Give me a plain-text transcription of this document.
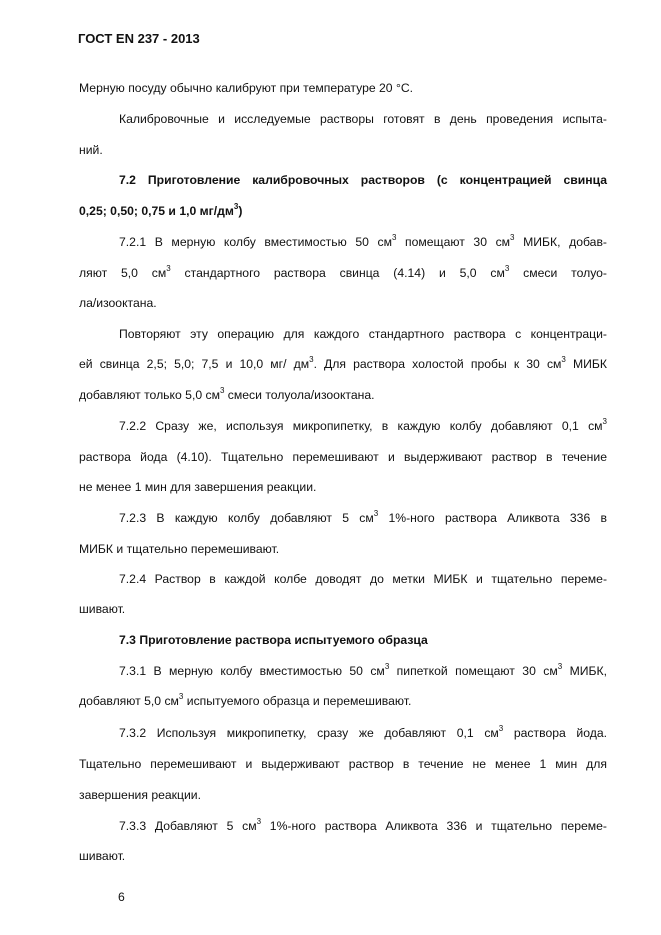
ГОСТ EN 237 - 2013
Мерную посуду обычно калибруют при температуре 20 °С.
Калибровочные и исследуемые растворы готовят в день проведения испыта-
ний.
7.2 Приготовление калибровочных растворов (с концентрацией свинца
0,25; 0,50; 0,75 и 1,0 $мг/дм^3$)
7.2.1 В мерную колбу вместимостью 50 $см^3$ помещают 30 $см^3$ МИБК, добав-
ляют 5,0 $см^3$ стандартного раствора свинца (4.14) и 5,0 $см^3$ смеси толуо-
ла/изооктана.
Повторяют эту операцию для каждого стандартного раствора с концентраци-
ей свинца 2,5; 5,0; 7,5 и 10,0 мг/ $дм^3$. Для раствора холостой пробы к 30 $см^3$ МИБК
добавляют только 5,0 $см^3$ смеси толуола/изооктана.
7.2.2 Сразу же, используя микропипетку, в каждую колбу добавляют 0,1 $см^3$
раствора йода (4.10). Тщательно перемешивают и выдерживают раствор в течение
не менее 1 мин для завершения реакции.
7.2.3 В каждую колбу добавляют 5 $см^3$ 1%-ного раствора Аликвота 336 в
МИБК и тщательно перемешивают.
7.2.4 Раствор в каждой колбе доводят до метки МИБК и тщательно переме-
шивают.
7.3 Приготовление раствора испытуемого образца
7.3.1 В мерную колбу вместимостью 50 $см^3$ пипеткой помещают 30 $см^3$ МИБК,
добавляют 5,0 $см^3$ испытуемого образца и перемешивают.
7.3.2 Используя микропипетку, сразу же добавляют 0,1 $см^3$ раствора йода.
Тщательно перемешивают и выдерживают раствор в течение не менее 1 мин для
завершения реакции.
7.3.3 Добавляют 5 $см^3$ 1%-ного раствора Аликвота 336 и тщательно переме-
шивают.
6
